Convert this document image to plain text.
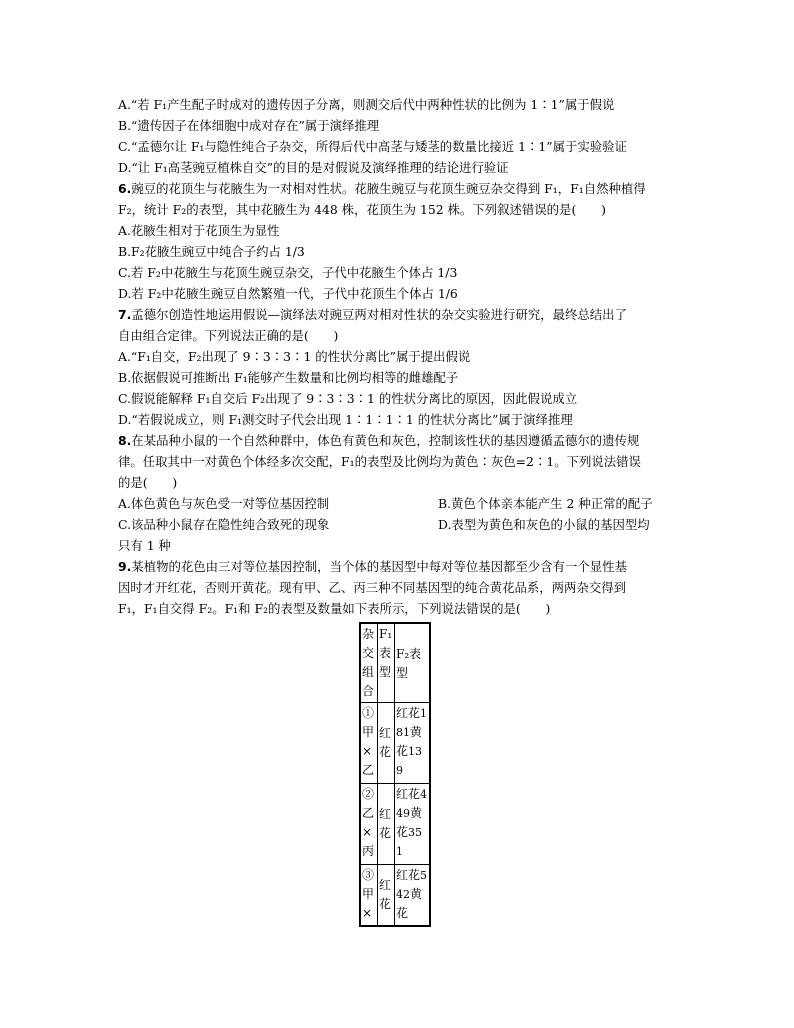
A.“若 F₁产生配子时成对的遗传因子分离，则测交后代中两种性状的比例为 1∶1”属于假说
B.“遗传因子在体细胞中成对存在”属于演绎推理
C.“孟德尔让 F₁与隐性纯合子杂交，所得后代中高茎与矮茎的数量比接近 1∶1”属于实验验证
D.“让 F₁高茎豌豆植株自交”的目的是对假说及演绎推理的结论进行验证
6.豌豆的花顶生与花腋生为一对相对性状。花腋生豌豆与花顶生豌豆杂交得到 F₁，F₁自然种植得
F₂，统计 F₂的表型，其中花腋生为 448 株，花顶生为 152 株。下列叙述错误的是(　　)
A.花腋生相对于花顶生为显性
B.F₂花腋生豌豆中纯合子约占 1/3
C.若 F₂中花腋生与花顶生豌豆杂交，子代中花腋生个体占 1/3
D.若 F₂中花腋生豌豆自然繁殖一代，子代中花顶生个体占 1/6
7.孟德尔创造性地运用假说—演绎法对豌豆两对相对性状的杂交实验进行研究，最终总结出了
自由组合定律。下列说法正确的是(　　)
A.“F₁自交，F₂出现了 9∶3∶3∶1 的性状分离比”属于提出假说
B.依据假说可推断出 F₁能够产生数量和比例均相等的雌雄配子
C.假说能解释 F₁自交后 F₂出现了 9∶3∶3∶1 的性状分离比的原因，因此假说成立
D.“若假说成立，则 F₁测交时子代会出现 1∶1∶1∶1 的性状分离比”属于演绎推理
8.在某品种小鼠的一个自然种群中，体色有黄色和灰色，控制该性状的基因遵循孟德尔的遗传规
律。任取其中一对黄色个体经多次交配，F₁的表型及比例均为黄色∶灰色=2∶1。下列说法错误
的是(　　)
A.体色黄色与灰色受一对等位基因控制	B.黄色个体亲本能产生 2 种正常的配子
C.该品种小鼠存在隐性纯合致死的现象	D.表型为黄色和灰色的小鼠的基因型均
只有 1 种
9.某植物的花色由三对等位基因控制，当个体的基因型中每对等位基因都至少含有一个显性基
因时才开红花，否则开黄花。现有甲、乙、丙三种不同基因型的纯合黄花品系，两两杂交得到
F₁，F₁自交得 F₂。F₁和 F₂的表型及数量如下表所示，下列说法错误的是(　　)
杂交组合	F₁表型	F₂表型
①甲×乙	红花	红花181黄花139
②乙×丙	红花	红花449黄花351
③甲×	红花	红花542黄花
